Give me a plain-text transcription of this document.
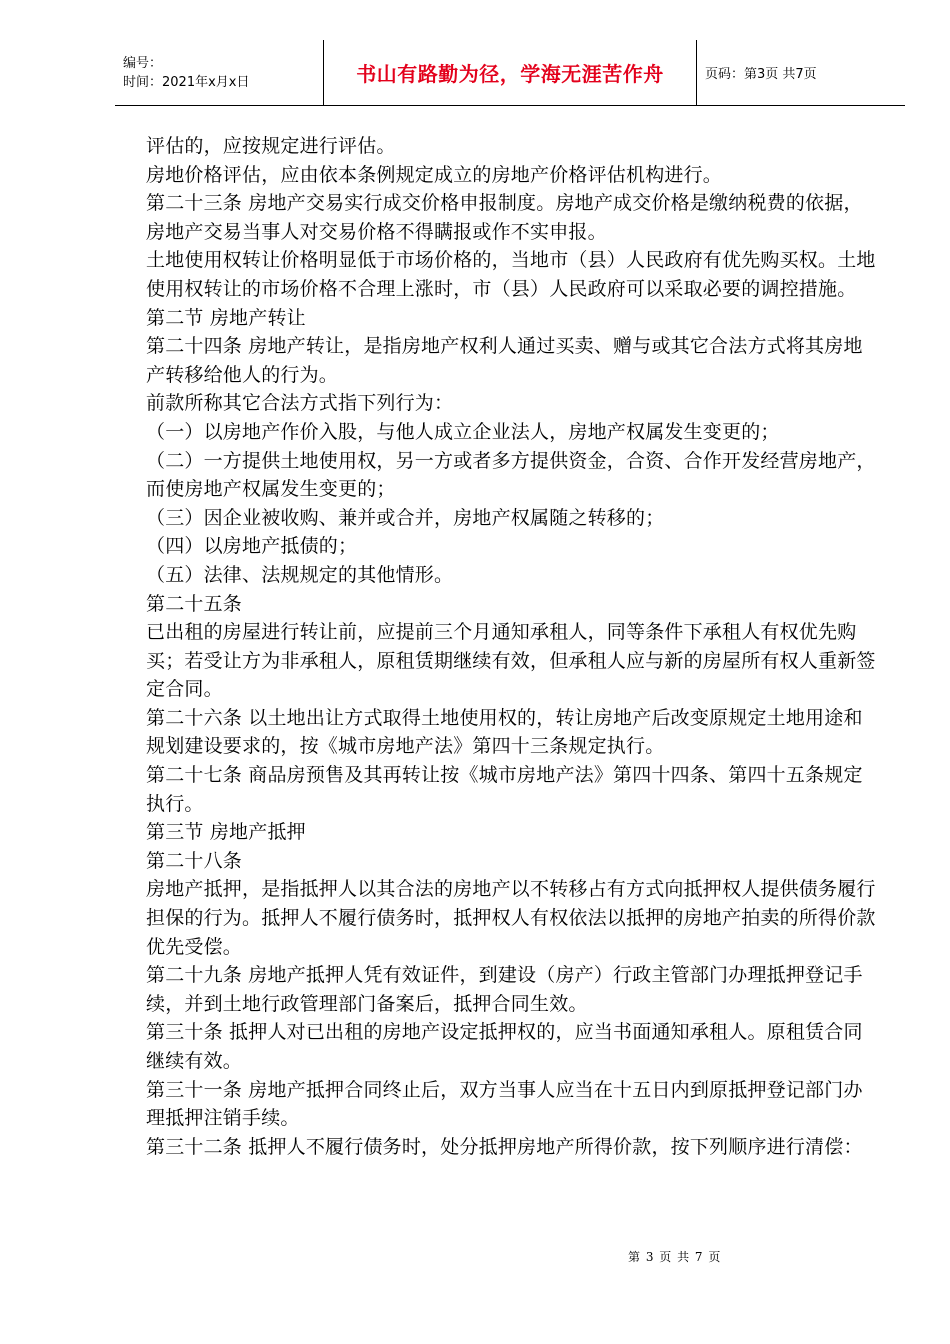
编号：
时间：2021年x月x日	书山有路勤为径，学海无涯苦作舟	页码：第3页 共7页

评估的，应按规定进行评估。

房地价格评估，应由依本条例规定成立的房地产价格评估机构进行。

第二十三条 房地产交易实行成交价格申报制度。房地产成交价格是缴纳税费的依据，房地产交易当事人对交易价格不得瞒报或作不实申报。

土地使用权转让价格明显低于市场价格的，当地市（县）人民政府有优先购买权。土地使用权转让的市场价格不合理上涨时，市（县）人民政府可以采取必要的调控措施。

第二节 房地产转让

第二十四条 房地产转让，是指房地产权利人通过买卖、赠与或其它合法方式将其房地产转移给他人的行为。

前款所称其它合法方式指下列行为：

（一）以房地产作价入股，与他人成立企业法人，房地产权属发生变更的；

（二）一方提供土地使用权，另一方或者多方提供资金，合资、合作开发经营房地产，而使房地产权属发生变更的；

（三）因企业被收购、兼并或合并，房地产权属随之转移的；

（四）以房地产抵债的；

（五）法律、法规规定的其他情形。

第二十五条

已出租的房屋进行转让前，应提前三个月通知承租人，同等条件下承租人有权优先购买；若受让方为非承租人，原租赁期继续有效，但承租人应与新的房屋所有权人重新签定合同。

第二十六条 以土地出让方式取得土地使用权的，转让房地产后改变原规定土地用途和规划建设要求的，按《城市房地产法》第四十三条规定执行。

第二十七条 商品房预售及其再转让按《城市房地产法》第四十四条、第四十五条规定执行。

第三节 房地产抵押

第二十八条

房地产抵押，是指抵押人以其合法的房地产以不转移占有方式向抵押权人提供债务履行担保的行为。抵押人不履行债务时，抵押权人有权依法以抵押的房地产拍卖的所得价款优先受偿。

第二十九条 房地产抵押人凭有效证件，到建设（房产）行政主管部门办理抵押登记手续，并到土地行政管理部门备案后，抵押合同生效。

第三十条 抵押人对已出租的房地产设定抵押权的，应当书面通知承租人。原租赁合同继续有效。

第三十一条 房地产抵押合同终止后，双方当事人应当在十五日内到原抵押登记部门办理抵押注销手续。

第三十二条 抵押人不履行债务时，处分抵押房地产所得价款，按下列顺序进行清偿：

第 3 页 共 7 页
